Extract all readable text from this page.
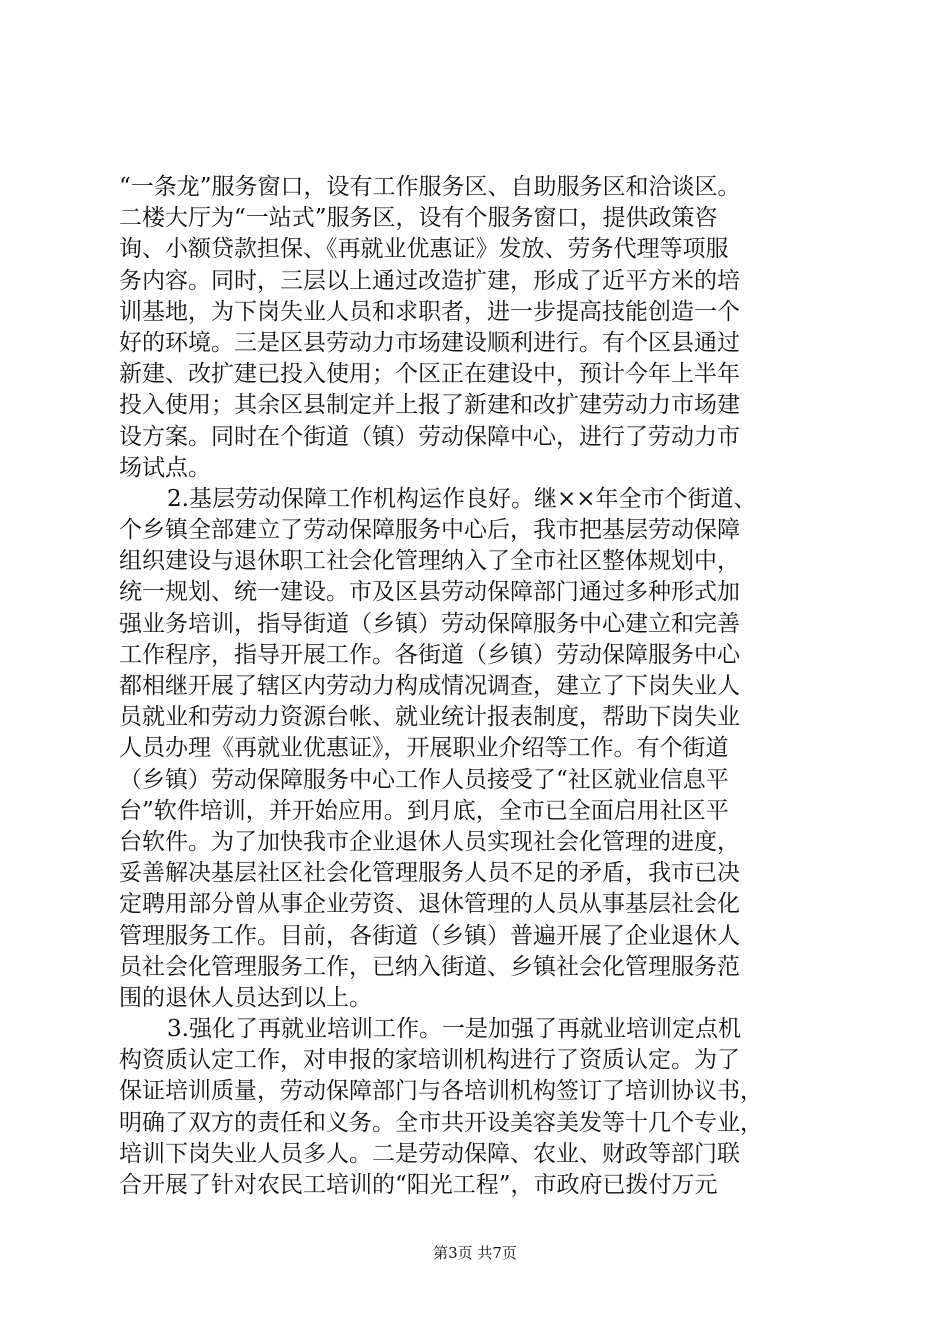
“一条龙”服务窗口，设有工作服务区、自助服务区和洽谈区。
二楼大厅为“一站式”服务区，设有个服务窗口，提供政策咨
询、小额贷款担保、《再就业优惠证》发放、劳务代理等项服
务内容。同时，三层以上通过改造扩建，形成了近平方米的培
训基地，为下岗失业人员和求职者，进一步提高技能创造一个
好的环境。三是区县劳动力市场建设顺利进行。有个区县通过
新建、改扩建已投入使用；个区正在建设中，预计今年上半年
投入使用；其余区县制定并上报了新建和改扩建劳动力市场建
设方案。同时在个街道（镇）劳动保障中心，进行了劳动力市
场试点。
2.基层劳动保障工作机构运作良好。继××年全市个街道、
个乡镇全部建立了劳动保障服务中心后，我市把基层劳动保障
组织建设与退休职工社会化管理纳入了全市社区整体规划中，
统一规划、统一建设。市及区县劳动保障部门通过多种形式加
强业务培训，指导街道（乡镇）劳动保障服务中心建立和完善
工作程序，指导开展工作。各街道（乡镇）劳动保障服务中心
都相继开展了辖区内劳动力构成情况调查，建立了下岗失业人
员就业和劳动力资源台帐、就业统计报表制度，帮助下岗失业
人员办理《再就业优惠证》，开展职业介绍等工作。有个街道
（乡镇）劳动保障服务中心工作人员接受了“社区就业信息平
台”软件培训，并开始应用。到月底，全市已全面启用社区平
台软件。为了加快我市企业退休人员实现社会化管理的进度，
妥善解决基层社区社会化管理服务人员不足的矛盾，我市已决
定聘用部分曾从事企业劳资、退休管理的人员从事基层社会化
管理服务工作。目前，各街道（乡镇）普遍开展了企业退休人
员社会化管理服务工作，已纳入街道、乡镇社会化管理服务范
围的退休人员达到以上。
3.强化了再就业培训工作。一是加强了再就业培训定点机
构资质认定工作，对申报的家培训机构进行了资质认定。为了
保证培训质量，劳动保障部门与各培训机构签订了培训协议书，
明确了双方的责任和义务。全市共开设美容美发等十几个专业，
培训下岗失业人员多人。二是劳动保障、农业、财政等部门联
合开展了针对农民工培训的“阳光工程”，市政府已拨付万元
第3页 共7页
